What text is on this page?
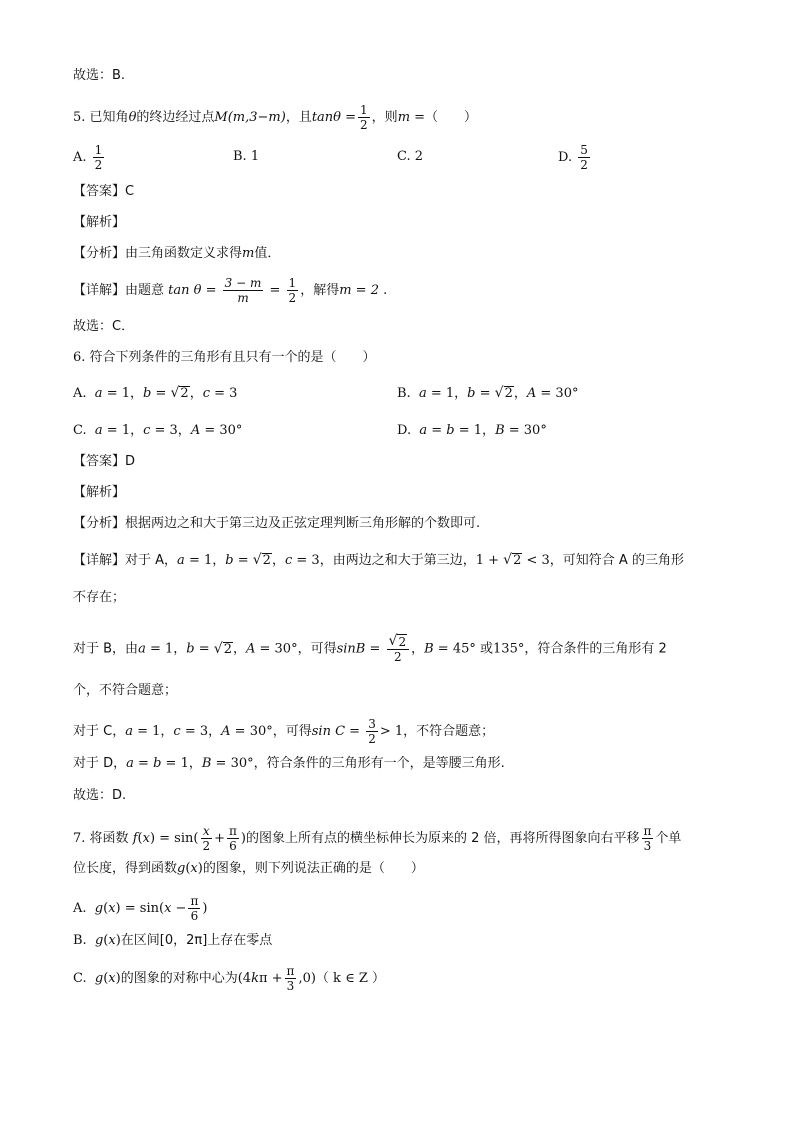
故选：B.
5. 已知角θ的终边经过点M(m,3−m)，且$\tan\theta = \frac{1}{2}$ ，则m =（　　）
A. $\frac{1}{2}$	B. 1	C. 2	D. $\frac{5}{2}$
【答案】C
【解析】
【分析】由三角函数定义求得m值．
【详解】由题意 $\tan \theta = \frac{3 - m}{m} = \frac{1}{2}$ ，解得m = 2 .
故选：C．
6. 符合下列条件的三角形有且只有一个的是（　　）
A. a = 1，b = √ 2 ，c = 3	B. a = 1，b = √ 2 ，A = 30°
C. a = 1，c = 3，A = 30°	D. a = b = 1，B = 30°
【答案】D
【解析】
【分析】根据两边之和大于第三边及正弦定理判断三角形解的个数即可.
【详解】对于 A，a = 1，b = √ 2 ，c = 3，由两边之和大于第三边，1 + √ 2 < 3，可知符合 A 的三角形
不存在；
对于 B，由a = 1，b = √ 2 ，A = 30°，可得$\sin B = \frac{√ 2}{2}$ ，B = 45° 或135°，符合条件的三角形有 2
个，不符合题意；
对于 C，a = 1，c = 3，A = 30°，可得$\sin C = \frac{3}{2} > 1$，不符合题意；
对于 D，a = b = 1，B = 30°，符合条件的三角形有一个，是等腰三角形.
故选：D.
7. 将函数 $f(x) = \sin( \frac{x}{2} + \frac{\pi}{6}$ )的图象上所有点的横坐标伸长为原来的 2 倍，再将所得图象向右平移 $\frac{\pi}{3}$ 个单
位长度，得到函数g(x)的图象，则下列说法正确的是（　　）
A. $g(x) = \sin(x - \frac{\pi}{6}$ )
B. g(x)在区间[0，2π]上存在零点
C. g(x)的图象的对称中心为$(4k\pi + \frac{\pi}{3} ,0)$（ k ∈ Z ）
